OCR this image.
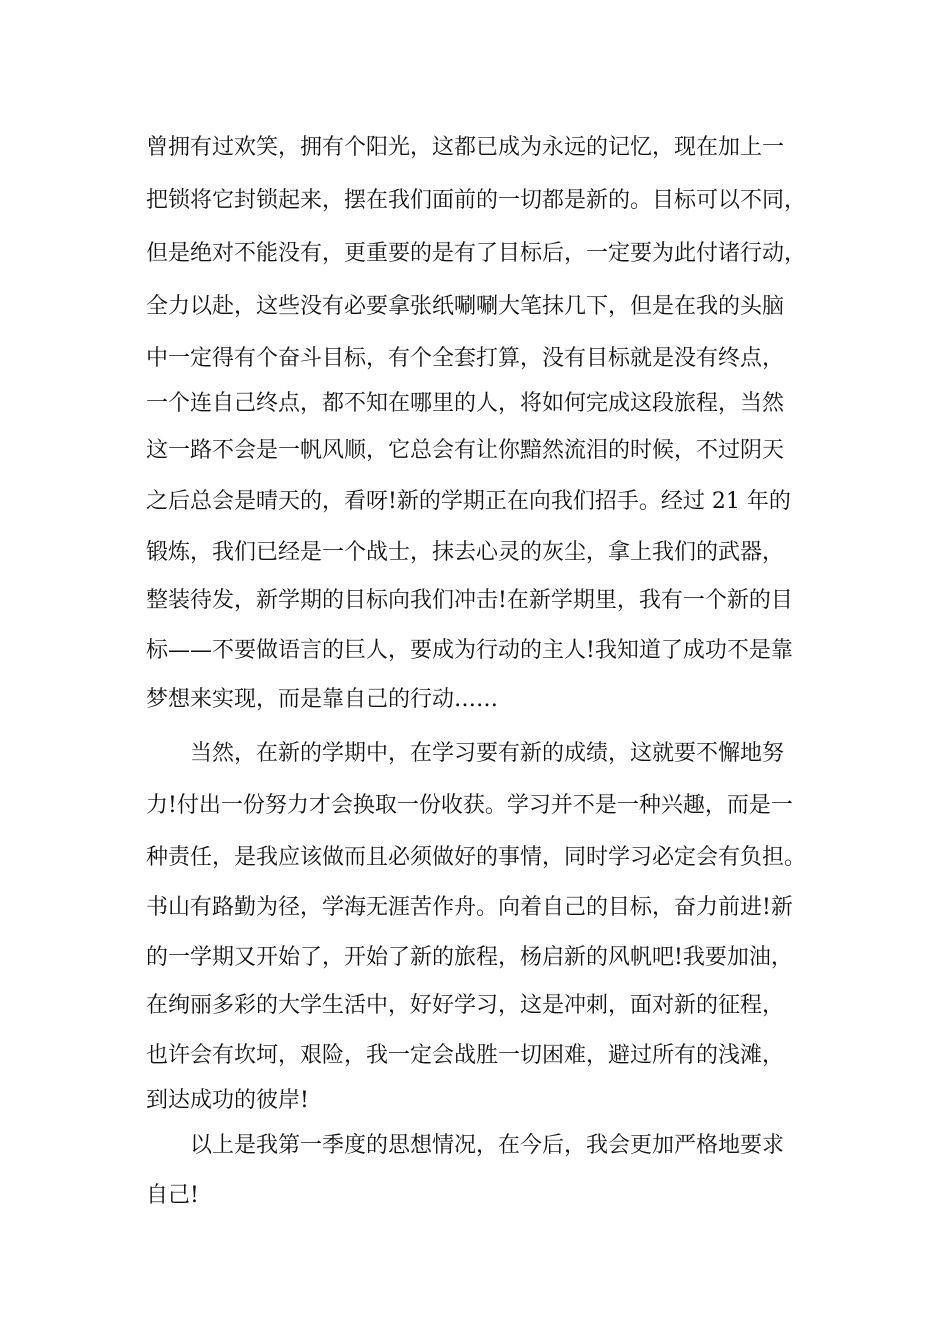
曾拥有过欢笑，拥有个阳光，这都已成为永远的记忆，现在加上一
把锁将它封锁起来，摆在我们面前的一切都是新的。目标可以不同，
但是绝对不能没有，更重要的是有了目标后，一定要为此付诸行动，
全力以赴，这些没有必要拿张纸唰唰大笔抹几下，但是在我的头脑
中一定得有个奋斗目标，有个全套打算，没有目标就是没有终点，
一个连自己终点，都不知在哪里的人，将如何完成这段旅程，当然
这一路不会是一帆风顺，它总会有让你黯然流泪的时候，不过阴天
之后总会是晴天的，看呀!新的学期正在向我们招手。经过 21 年的
锻炼，我们已经是一个战士，抹去心灵的灰尘，拿上我们的武器，
整装待发，新学期的目标向我们冲击!在新学期里，我有一个新的目
标——不要做语言的巨人，要成为行动的主人!我知道了成功不是靠
梦想来实现，而是靠自己的行动……
当然，在新的学期中，在学习要有新的成绩，这就要不懈地努
力!付出一份努力才会换取一份收获。学习并不是一种兴趣，而是一
种责任，是我应该做而且必须做好的事情，同时学习必定会有负担。
书山有路勤为径，学海无涯苦作舟。向着自己的目标，奋力前进!新
的一学期又开始了，开始了新的旅程，杨启新的风帆吧!我要加油，
在绚丽多彩的大学生活中，好好学习，这是冲刺，面对新的征程，
也许会有坎坷，艰险，我一定会战胜一切困难，避过所有的浅滩，
到达成功的彼岸!
以上是我第一季度的思想情况，在今后，我会更加严格地要求
自己!
